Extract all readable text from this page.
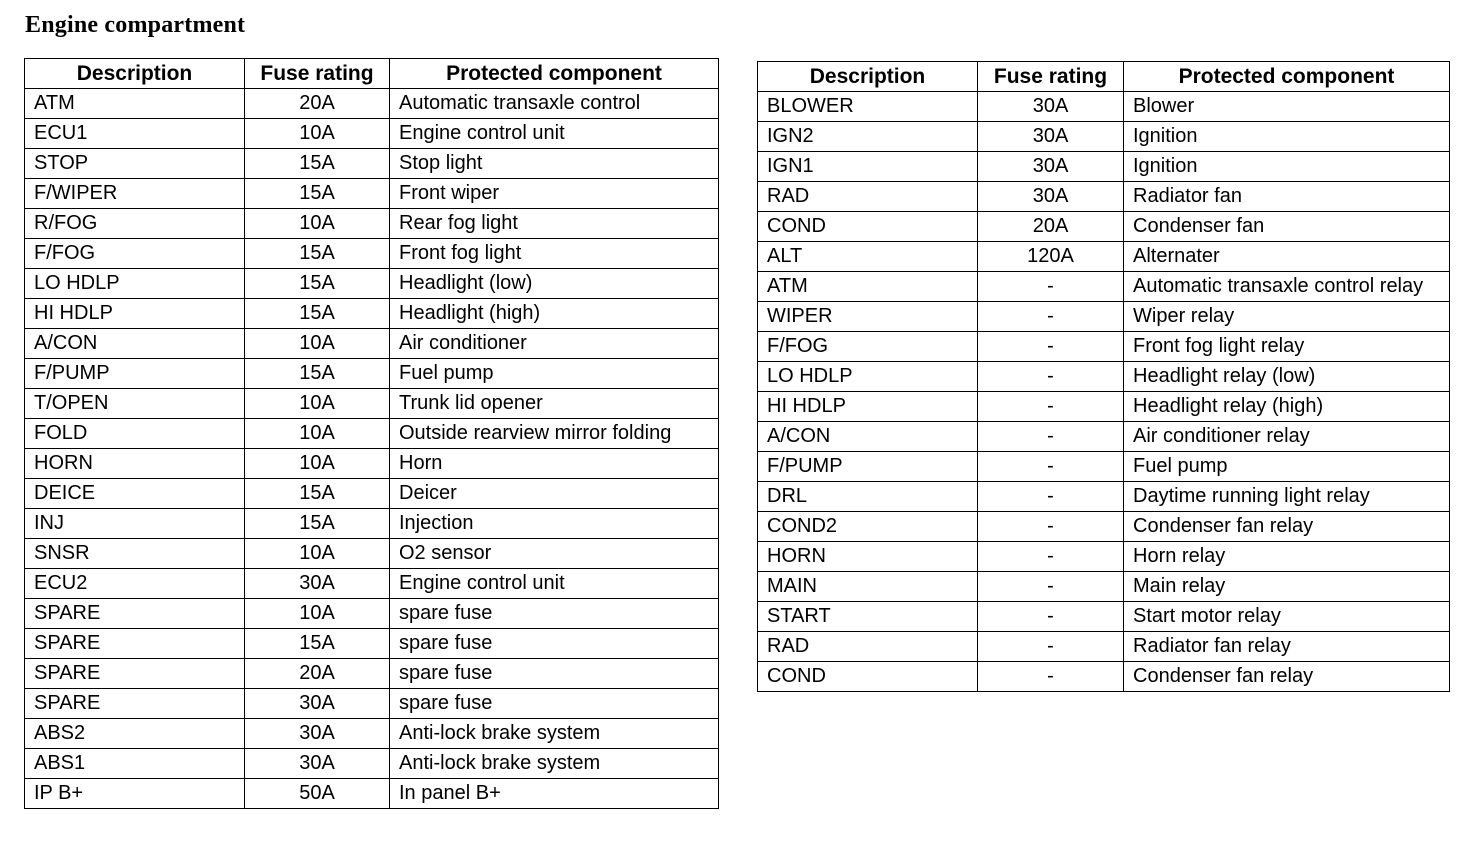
Engine compartment
Description	Fuse rating	Protected component
ATM	20A	Automatic transaxle control
ECU1	10A	Engine control unit
STOP	15A	Stop light
F/WIPER	15A	Front wiper
R/FOG	10A	Rear fog light
F/FOG	15A	Front fog light
LO HDLP	15A	Headlight (low)
HI HDLP	15A	Headlight (high)
A/CON	10A	Air conditioner
F/PUMP	15A	Fuel pump
T/OPEN	10A	Trunk lid opener
FOLD	10A	Outside rearview mirror folding
HORN	10A	Horn
DEICE	15A	Deicer
INJ	15A	Injection
SNSR	10A	O2 sensor
ECU2	30A	Engine control unit
SPARE	10A	spare fuse
SPARE	15A	spare fuse
SPARE	20A	spare fuse
SPARE	30A	spare fuse
ABS2	30A	Anti-lock brake system
ABS1	30A	Anti-lock brake system
IP B+	50A	In panel B+
Description	Fuse rating	Protected component
BLOWER	30A	Blower
IGN2	30A	Ignition
IGN1	30A	Ignition
RAD	30A	Radiator fan
COND	20A	Condenser fan
ALT	120A	Alternater
ATM	-	Automatic transaxle control relay
WIPER	-	Wiper relay
F/FOG	-	Front fog light relay
LO HDLP	-	Headlight relay (low)
HI HDLP	-	Headlight relay (high)
A/CON	-	Air conditioner relay
F/PUMP	-	Fuel pump
DRL	-	Daytime running light relay
COND2	-	Condenser fan relay
HORN	-	Horn relay
MAIN	-	Main relay
START	-	Start motor relay
RAD	-	Radiator fan relay
COND	-	Condenser fan relay
